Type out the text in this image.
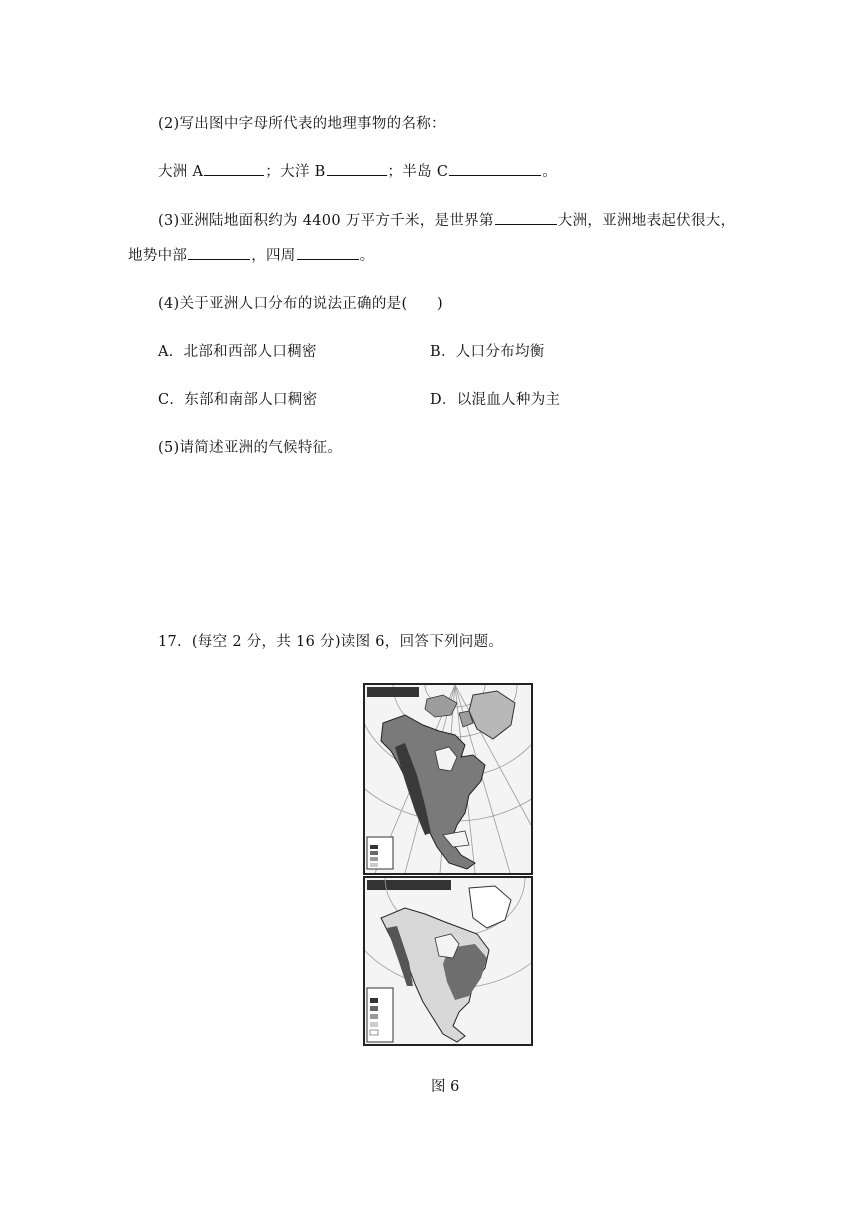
(2)写出图中字母所代表的地理事物的名称：
大洲 A	；大洋 B	；半岛 C	。
(3)亚洲陆地面积约为 4400 万平方千米，是世界第	大洲，亚洲地表起伏很大，
地势中部	，四周	。
(4)关于亚洲人口分布的说法正确的是(　　)
A．北部和西部人口稠密	B．人口分布均衡
C．东部和南部人口稠密	D．以混血人种为主
(5)请简述亚洲的气候特征。
17．(每空 2 分，共 16 分)读图 6，回答下列问题。
图 6
